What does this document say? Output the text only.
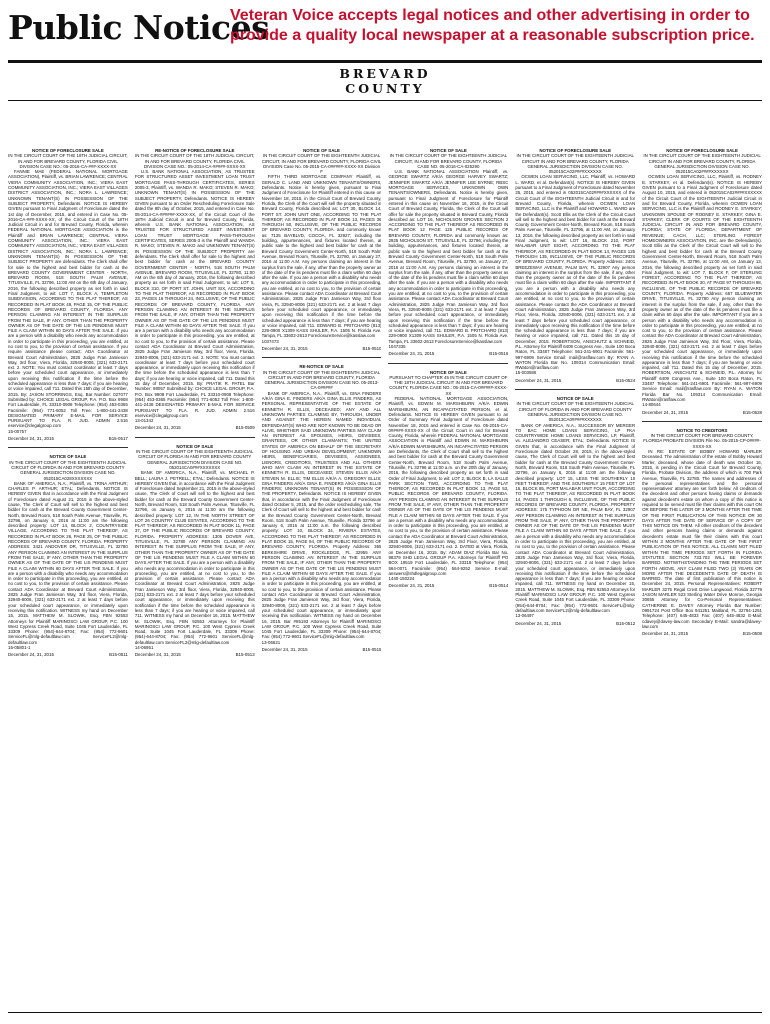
Public Notices
Veteran Voice accepts legal notices and other advertising in order to provide a quality local newspaper at a reasonable subscription price.
BREVARD
COUNTY
NOTICE OF FORECLOSURE SALE
IN THE CIRCUIT COURT OF THE 18TH JUDICIAL CIRCUIT, IN AND FOR BREVARD COUNTY, FLORIDA CIVIL DIVISION CASE NO.: 05-2016-CA-###-XXXX-XX
FANNIE MAE (FEDERAL NATIONAL MORTGAGE ASSOCIATION), Plaintiff, vs. BRIAN LAWRENCE; CENTRAL VIERA COMMUNITY ASSOCIATION, INC.; VIERA EAST COMMUNITY ASSOCIATION, INC.; VIERA EAST VILLAGES DISTRICT ASSOCIATION, INC.; NORA L. LAWRENCE; UNKNOWN TENANT(S) IN POSSESSION OF THE SUBJECT PROPERTY, Defendants. NOTICE IS HEREBY GIVEN pursuant to Final Judgment of Foreclosure dated the 1st day of December, 2015, and entered in Case No. 05-2016-CA-###-XXXX-XX, of the Circuit Court of the 18TH Judicial Circuit in and for Brevard County, Florida, wherein FEDERAL NATIONAL MORTGAGE ASSOCIATION is the Plaintiff and BRIAN LAWRENCE; CENTRAL VIERA COMMUNITY ASSOCIATION, INC.; VIERA EAST COMMUNITY ASSOCIATION, INC.; VIERA EAST VILLAGES DISTRICT ASSOCIATION, INC.; NORA L. LAWRENCE; UNKNOWN TENANT(S) IN POSSESSION OF THE SUBJECT PROPERTY are defendants. The Clerk shall offer for sale to the highest and best bidder for cash at the BREVARD COUNTY GOVERNMENT CENTER - NORTH, BREVARD ROOM, 518 SOUTH PALM AVENUE, TITUSVILLE, FL 32796, 11:00 AM on the 6th day of January, 2016, the following described property as set forth in said Final Judgment, to wit: LOT 7, BLOCK A, TEMPLETON SUBDIVISION, ACCORDING TO THE PLAT THEREOF, AS RECORDED IN PLAT BOOK 49, PAGE 15, OF THE PUBLIC RECORDS OF BREVARD COUNTY, FLORIDA. ANY PERSON CLAIMING AN INTEREST IN THE SURPLUS FROM THE SALE, IF ANY, OTHER THAN THE PROPERTY OWNER AS OF THE DATE OF THE LIS PENDENS MUST FILE A CLAIM WITHIN 60 DAYS AFTER THE SALE. If you are a person with a disability who needs any accommodation in order to participate in this proceeding, you are entitled, at no cost to you, to the provision of certain assistance. If you require assistance please contact: ADA Coordinator at Brevard Court Administration, 2825 Judge Fran Jamieson Way, 3rd floor, Viera, Florida, 32940-8006, (321) 633-2171 ext. 2. NOTE: You must contact coordinator at least 7 days before your scheduled court appearance, or immediately upon receiving this notification if the time before the scheduled appearance is less than 7 days; if you are hearing or voice impaired, call 711. Dated this 15th day of December, 2015. By: JASON STORRINGS, Esq. Bar Number: 027077 Submitted by: CHOICE LEGAL GROUP, P.A. P.O. Box 9908 Fort Lauderdale, FL 33310-0908 Telephone: (954) 453-0365 Facsimile: (954) 771-6052 Toll Free: 1-800-441-2438 DESIGNATED PRIMARY E-MAIL FOR SERVICE PURSUANT TO FLA. R. JUD. ADMIN 2.516 eservice@clegalgroup.com
15-00757
December 24, 31, 2015	B15-0517
NOTICE OF SALE
IN THE CIRCUIT COURT OF THE EIGHTEENTH JUDICIAL CIRCUIT OF FLORIDA IN AND FOR BREVARD COUNTY GENERAL JURISDICTION DIVISION CASE NO. 052015CA028XXXXXXX
BANK OF AMERICA, N.A., Plaintiff, vs. TRINA ARTHUR; CHARLES P. ARTHUR; ETAL; Defendants. NOTICE IS HEREBY GIVEN that in accordance with the Final Judgment of Foreclosure dated August 21, 2015 in the above-styled cause, The Clerk of Court will sell to the highest and best bidder for cash at the Brevard County Government Center-North, Brevard Room, 518 South Palm Avenue, Titusville, FL 32796, on January 6, 2016 at 11:00 am the following described property: LOT 14, BLOCK 2, COUNTRYSIDE VILLAGE, ACCORDING TO THE PLAT THEREOF, AS RECORDED IN PLAT BOOK 26, PAGE 25, OF THE PUBLIC RECORDS OF BREVARD COUNTY, FLORIDA. PROPERTY ADDRESS: 3421 ANDOVER DR, TITUSVILLE, FL 32780 ANY PERSON CLAIMING AN INTEREST IN THE SURPLUS FROM THE SALE, IF ANY, OTHER THAN THE PROPERTY OWNER AS OF THE DATE OF THE LIS PENDENS MUST FILE A CLAIM WITHIN 60 DAYS AFTER THE SALE. If you are a person with a disability who needs any accommodation in order to participate in this proceeding, you are entitled, at no cost to you, to the provision of certain assistance. Please contact ADA Coordinator at Brevard Court Administration, 2825 Judge Fran Jamieson Way, 3rd floor, Viera, Florida, 32940-8006, (321) 633-2171 ext. 2 at least 7 days before your scheduled court appearance, or immediately upon receiving this notification. WITNESS my hand on December 15, 2015. MATTHEW M. SLOWIK, Esq. FBN 92553 Attorneys for Plaintiff MARINOSCI LAW GROUP, P.C. 100 West Cypress Creek Road, Suite 1045 Fort Lauderdale, FL 33309 Phone: (954)-644-8704; Fax: (954) 772-9601 ServiceFL@mlg-defaultlaw.com ServiceFL2@mlg-defaultlaw.com
15-05801-1
December 24, 31, 2015	B15-0511
RE-NOTICE OF FORECLOSURE SALE
IN THE CIRCUIT COURT OF THE 18TH JUDICIAL CIRCUIT, IN AND FOR BREVARD COUNTY, FLORIDA CIVIL DIVISION CASE NO.: 05-2014-CA-#####-XXXX-XX
U.S. BANK NATIONAL ASSOCIATION, AS TRUSTEE FOR STRUCTURED ASSET INVESTMENT LOAN TRUST MORTGAGE PASS-THROUGH CERTIFICATES, SERIES 2005-3, Plaintiff, vs. WANDA R. MAKO; STEVEN R. MAKO; UNKNOWN TENANT(S) IN POSSESSION OF THE SUBJECT PROPERTY, Defendants. NOTICE IS HEREBY GIVEN pursuant to an Order Rescheduling Foreclosure Sale dated the 8th day of October, 2015, and entered in Case No. 05-2014-CA-######-XXXX-XX, of the Circuit Court of the 18TH Judicial Circuit in and for Brevard County, Florida, wherein U.S. BANK NATIONAL ASSOCIATION, AS TRUSTEE FOR STRUCTURED ASSET INVESTMENT LOAN TRUST MORTGAGE PASS-THROUGH CERTIFICATES, SERIES 2005-3 is the Plaintiff and WANDA R. MAKO; STEVEN R. MAKO and UNKNOWN TENANT(S) IN POSSESSION OF THE SUBJECT PROPERTY are defendants. The Clerk shall offer for sale to the highest and best bidder for cash at the BREVARD COUNTY GOVERNMENT CENTER - NORTH, 518 SOUTH PALM AVENUE, BREVARD ROOM, TITUSVILLE, FL 32780, 11:00 AM on the 6th day of January, 2016, the following described property as set forth in said Final Judgment, to wit: LOT 5, BLOCK 310, OF PORT ST. JOHN, UNIT SIX, ACCORDING TO THE PLAT THEREOF, AS RECORDED IN PLAT BOOK 23, PAGES 16 THROUGH 24, INCLUSIVE, OF THE PUBLIC RECORDS OF BREVARD COUNTY, FLORIDA. ANY PERSON CLAIMING AN INTEREST IN THE SURPLUS FROM THE SALE, IF ANY, OTHER THAN THE PROPERTY OWNER AS OF THE DATE OF THE LIS PENDENS MUST FILE A CLAIM WITHIN 60 DAYS AFTER THE SALE. If you are a person with a disability who needs any accommodation in order to participate in this proceeding, you are entitled, at no cost to you, to the provision of certain assistance. Please contact ADA Coordinator at Brevard Court Administration, 2825 Judge Fran Jamieson Way, 3rd floor, Viera, Florida, 32940-8006, (321) 633-2171 ext. 2. NOTE: You must contact coordinator at least 7 days before your scheduled court appearance, or immediately upon receiving this notification if the time before the scheduled appearance is less than 7 days; if you are hearing or voice impaired, call 711. Dated this 15 day of December, 2015. By: PRATIK R. PATEL Bar Number: 98057 Submitted by: CHOICE LEGAL GROUP, P.A. P.O. Box 9908 Fort Lauderdale, FL 33310-0908 Telephone: (954) 453-0365 Facsimile: (954) 771-6052 Toll Free: 1-800-441-2438 DESIGNATED PRIMARY E-MAIL FOR SERVICE PURSUANT TO FLA. R. JUD. ADMIN 2.516 eservice@clegalgroup.com
13-01342
December 24, 31, 2015	B15-0509
NOTICE OF SALE
IN THE CIRCUIT COURT OF THE EIGHTEENTH JUDICIAL CIRCUIT OF FLORIDA IN AND FOR BREVARD COUNTY GENERAL JURISDICTION DIVISION CASE NO. 052014CA0###XXXXXXX
BANK OF AMERICA, N.A., Plaintiff, vs. MICHAEL P. BELL; LAURA J. PETRELL; ETAL; Defendants. NOTICE IS HEREBY GIVEN that, in accordance with the Final Judgment of Foreclosure dated September 21, 2015 in the above-styled cause, The Clerk of Court will sell to the highest and best bidder for cash at the Brevard County Government Center-North, Brevard Room, 518 South Palm Avenue, Titusville, FL 32796, on January 6, 2016 at 11:00 am the following described property: LOT 12, IN THE NORTH STREET OF LOT 26 COUNTRY CLUB ESTATES, ACCORDING TO THE PLAT THEREOF, AS RECORDED IN PLAT BOOK 11, PAGE 37, OF THE PUBLIC RECORDS OF BREVARD COUNTY, FLORIDA. PROPERTY ADDRESS: 1305 DOVER AVE, TITUSVILLE, FL 32780 ANY PERSON CLAIMING AN INTEREST IN THE SURPLUS FROM THE SALE, IF ANY, OTHER THAN THE PROPERTY OWNER AS OF THE DATE OF THE LIS PENDENS MUST FILE A CLAIM WITHIN 60 DAYS AFTER THE SALE. If you are a person with a disability who needs any accommodation in order to participate in this proceeding, you are entitled, at no cost to you, to the provision of certain assistance. Please contact ADA Coordinator at Brevard Court Administration, 2825 Judge Fran Jamieson Way, 3rd floor, Viera, Florida, 32940-8006, (321) 633-2171 ext. 2 at least 7 days before your scheduled court appearance, or immediately upon receiving this notification if the time before the scheduled appearance is less than 7 days; if you are hearing or voice impaired, call 711. WITNESS my hand on December 16, 2015. MATTHEW M. SLOWIK, Esq. FBN 92553 Attorneys for Plaintiff MARINOSCI LAW GROUP, P.C. 100 West Cypress Creek Road, Suite 1045 Fort Lauderdale, FL 33309 Phone: (954)-644-8704; Fax: (954) 772-9601 ServiceFL@mlg-defaultlaw.com ServiceFL2@mlg-defaultlaw.com
14-06951
December 24, 31, 2015	B15-0513
NOTICE OF SALE
IN THE CIRCUIT COURT OF THE EIGHTEENTH JUDICIAL CIRCUIT, IN AND FOR BREVARD COUNTY, FLORIDA CIVIL DIVISION Case No. 05-2015-CA-0#####-XXXX-XX Division F
FIFTH THIRD MORTGAGE COMPANY Plaintiff, vs. GERALD C. LAND AND UNKNOWN TENANTS/OWNERS, Defendants. Notice is hereby given, pursuant to Final Judgment of Foreclosure for Plaintiff entered in this cause on November 18, 2015, in the Circuit Court of Brevard County, Florida, the Clerk of the Court will sell the property situated in Brevard County, Florida described as: LOT 30, BLOCK 14, PORT ST. JOHN UNIT ONE, ACCORDING TO THE PLAT THEREOF, AS RECORDED IN PLAT BOOK 13, PAGES 36 THROUGH 50, INCLUSIVE, OF THE PUBLIC RECORDS OF BREVARD COUNTY, FLORIDA. and commonly known as: 7125 BAYBLVD, COCOA, FL 32927; including the building, appurtenances, and fixtures located therein, at public sale to the highest and best bidder for cash at the Brevard County Government Center-North, 518 South Palm Avenue, Brevard Room, Titusville, FL 32780, on January 27, 2016 at 11:00 A.M. Any persons claiming an interest in the surplus from the sale, if any, other than the property owner as of the date of the lis pendens must file a claim within 60 days after the sale. If you are a person with a disability who needs any accommodation in order to participate in this proceeding, you are entitled, at no cost to you, to the provision of certain assistance. Please contact ADA Coordinator at Brevard Court Administration, 2825 Judge Fran Jamieson Way, 3rd floor Viera, FL 32940-8006 (321) 633-2171 ext. 2 at least 7 days before your scheduled court appearance, or immediately upon receiving this notification if the time before the scheduled appearance is less than 7 days; if you are hearing or voice impaired, call 711. EDWARD B. PRITCHARD (813) 229-0900 X1309 KASS SHULER, P.A. 1505 N. Florida Ave. Tampa, FL 33602-2613 ForeclosureService@kasslaw.com
1037473
December 24, 31, 2015	B15-0510
RE-NOTICE OF SALE
IN THE CIRCUIT COURT OF THE EIGHTEENTH JUDICIAL CIRCUIT IN AND FOR BREVARD COUNTY, FLORIDA GENERAL JURISDICTION DIVISION CASE NO. 05-2013-CA-0#####
BANK OF AMERICA, N.A., Plaintiff, vs. GINA FINDERS A/K/A GINA E. FINDERS A/K/A GINA ELLIS FINDERS, AS PERSONAL REPRESENTATIVE OF THE ESTATE OF KENNETH R. ELLIS, DECEASED; ANY AND ALL UNKNOWN PARTIES CLAIMING BY, THROUGH, UNDER AND AGAINST THE HEREIN NAMED INDIVIDUAL DEFENDANT(S) WHO ARE NOT KNOWN TO BE DEAD OR ALIVE, WHETHER SAID UNKNOWN PARTIES MAY CLAIM AN INTEREST AS SPOUSES, HEIRS, DEVISEES, GRANTEES, OR OTHER CLAIMANTS; THE UNITED STATES OF AMERICA ON BEHALF OF THE SECRETARY OF HOUSING AND URBAN DEVELOPMENT; UNKNOWN HEIRS, BENEFICIARIES, DEVISEES, ASSIGNEES, LIENORS, CREDITORS, TRUSTEES AND ALL OTHERS WHO MAY CLAIM AN INTEREST IN THE ESTATE OF KENNETH R. ELLIS, DECEASED; STEVEN ELLIS A/K/A STEVEN M. ELLIS; TIM ELLIS A/K/A A. GREGORY ELLIS; GINA FINDERS A/K/A GINA E. FINDERS A/K/A GINA ELLIS FINDERS; UNKNOWN TENANT(S) IN POSSESSION OF THE PROPERTY, Defendants. NOTICE IS HEREBY GIVEN that, in accordance with the Final Judgment of Foreclosure dated October 5, 2015, and the order rescheduling sale, The Clerk of Court will sell to the highest and best bidder for cash at the Brevard County Government Center-North, Brevard Room, 518 South Palm Avenue, Titusville, Florida 32796 on January 6, 2016 at 11:00 a.m. the following described property: LOT 10, BLOCK 34, RIVIERA ESTATES, ACCORDING TO THE PLAT THEREOF, AS RECORDED IN PLAT BOOK 15, PAGE 94, OF THE PUBLIC RECORDS OF BREVARD COUNTY, FLORIDA. Property Address: 365 BERKSHIRE DRIVE, ROCKLEDGE, FL 32955 ANY PERSON CLAIMING AN INTEREST IN THE SURPLUS FROM THE SALE, IF ANY, OTHER THAN THE PROPERTY OWNER AS OF THE DATE OF THE LIS PENDENS MUST FILE A CLAIM WITHIN 60 DAYS AFTER THE SALE. If you are a person with a disability who needs any accommodation in order to participate in this proceeding, you are entitled, at no cost to you, to the provision of certain assistance. Please contact ADA Coordinator at Brevard Court Administration, 2825 Judge Fran Jamieson Way, 3rd floor, Viera, Florida, 32940-8006, (321) 633-2171 ext. 2 at least 7 days before your scheduled court appearance, or immediately upon receiving this notification. WITNESS my hand on December 16, 2015. Bar #85193 Attorneys for Plaintiff MARINOSCI LAW GROUP, P.C. 100 West Cypress Creek Road, Suite 1045 Fort Lauderdale, FL 33309 Phone: (954)-644-8704; Fax: (954) 772-9601 ServiceFL@mlg-defaultlaw.com
13-06621
December 24, 31, 2015	B15-0515
NOTICE OF SALE
IN THE CIRCUIT COURT OF THE EIGHTEENTH JUDICIAL CIRCUIT, IN AND FOR BREVARD COUNTY, FLORIDA CASE NO. 05-2016-CA-025290
U.S. BANK NATIONAL ASSOCIATION Plaintiff, vs. GEORGE SWARTZ A/K/A GEORGE HARVEY SWARTZ; JENNIFER SWARTZ A/K/A JENNIFER LEE BYRNE; RBSC MORTGAGE SERVICES, UNKNOWN OWN TENANTS/OWNERS, Defendants. Notice is hereby given, pursuant to Final Judgment of Foreclosure for Plaintiff entered in this cause on November 16, 2015, in the Circuit Court of Brevard County, Florida, the Clerk of the Court will offer for sale the property situated in Brevard County, Florida described as: LOT 16, NICHOLSON GROVES SECTION 2 ACCORDING TO THE PLAT THEREOF AS RECORDED IN PLAT BOOK 12 PAGE 125 PUBLIC RECORDS OF BREVARD COUNTY, FLORIDA and commonly known as: 2925 NICHOLSON ST, TITUSVILLE, FL 32796; including the building, appurtenances, and fixtures located therein, at public sale to the highest and best bidder for cash at the Brevard County Government Center-North, 518 South Palm Avenue, Brevard Room, Titusville, FL 32780, on January 27, 2016 at 11:00 A.M. Any persons claiming an interest in the surplus from the sale, if any, other than the property owner as of the date of the lis pendens must file a claim within 60 days after the sale. If you are a person with a disability who needs any accommodation in order to participate in this proceeding, you are entitled, at no cost to you, to the provision of certain assistance. Please contact ADA Coordinator at Brevard Court Administration, 2825 Judge Fran Jamieson Way, 3rd floor Viera, FL 32940-8006 (321) 633-2171 ext. 2 at least 7 days before your scheduled court appearance, or immediately upon receiving this notification if the time before the scheduled appearance is less than 7 days; if you are hearing or voice impaired, call 711. EDWARD B. PRITCHARD (813) 229-0900 X1309 KASS SHULER, P.A. 1505 N. Florida Ave. Tampa, FL 33602-2613 ForeclosureService@kasslaw.com
1047335
December 24, 31, 2015	B15-0516
NOTICE OF SALE
PURSUANT TO CHAPTER 45 IN THE CIRCUIT COURT OF THE 18TH JUDICIAL CIRCUIT IN AND FOR BREVARD COUNTY, FLORIDA CASE NO.: 05-2015-CA-0#####-XXXX-XX
FEDERAL NATIONAL MORTGAGE ASSOCIATION, Plaintiff, vs. EDWIN M. MARSHBURN A/K/A EDWIN MARSHBURN, AN INCAPACITATED PERSON, et al, Defendants. NOTICE IS HEREBY GIVEN pursuant to an Order of Summary Final Judgment of Foreclosure dated November 18, 2015 and entered in Case No. 05-2015-CA-0#####-XXXX-XX of the Circuit Court in and for Brevard County, Florida, wherein FEDERAL NATIONAL MORTGAGE ASSOCIATION is Plaintiff and EDWIN M. MARSHBURN A/K/A EDWIN MARSHBURN, AN INCAPACITATED PERSON are Defendants, the Clerk of Court shall sell to the highest and best bidder for cash at the Brevard County Government Center-North, Brevard Room, 518 South Palm Avenue, Titusville, FL 32796 at 11:00 a.m. on the 20th day of January, 2016, the following described property as set forth in said Order of Final Judgment, to wit: LOT 2, BLOCK B, LA SALLE PARK SECTION TWO, ACCORDING TO THE PLAT THEREOF, AS RECORDED IN PLAT BOOK 13, PAGE 53, PUBLIC RECORDS OF BREVARD COUNTY, FLORIDA. ANY PERSON CLAIMING AN INTEREST IN THE SURPLUS FROM THE SALE, IF ANY, OTHER THAN THE PROPERTY OWNER AS OF THE DATE OF THE LIS PENDENS MUST FILE A CLAIM WITHIN 60 DAYS AFTER THE SALE. If you are a person with a disability who needs any accommodation in order to participate in this proceeding, you are entitled, at no cost to you, to the provision of certain assistance. Please contact the ADA Coordinator at Brevard Court Administration, 2825 Judge Fran Jamieson Way, 3rd Floor, Viera, Florida, 32940-8006, (321) 633-2171 ext. 2. DATED at Viera, Florida, on December 16, 2015. By: ADAM DIAZ Florida Bar No. 98379 SHD LEGAL GROUP P.A. Attorneys for Plaintiff PO BOX 19519 Fort Lauderdale, FL 33318 Telephone: (954) 564-0071 Facsimile: (954) 564-9252 Service E-mail: answers@shdlegalgroup.com
1440-150224
December 24, 31, 2015	B15-0514
NOTICE OF FORECLOSURE SALE
IN THE CIRCUIT COURT OF THE EIGHTEENTH JUDICIAL CIRCUIT IN AND FOR BREVARD COUNTY, FLORIDA GENERAL JURISDICTION DIVISION CASE NO. 052015CA02####XXXXXX
OCWEN LOAN SERVICING, LLC, Plaintiff, vs. HOWARD L. WARD, et al. Defendant(s). NOTICE IS HEREBY GIVEN pursuant to a Final Judgment of Foreclosure dated November 25, 2015, and entered in 052015CA02####XXXXXX of the Circuit Court of the EIGHTEENTH Judicial Circuit in and for Brevard County, Florida, wherein OCWEN LOAN SERVICING, LLC is the Plaintiff and HOWARD L. WARD are the Defendant(s). Scott Ellis as the Clerk of the Circuit Court will sell to the highest and best bidder for cash at the Brevard County Government Center-North, Brevard Room, 518 South Palm Avenue, Titusville, FL 32796, at 11:00 AM, on January 13, 2016, the following described property as set forth in said Final Judgment, to wit: LOT 16, BLOCK 210, PORT MALABAR UNIT EIGHT, ACCORDING TO THE PLAT THEREOF, AS RECORDED IN PLAT BOOK 14, PAGES 125 THROUGH 135, INCLUSIVE, OF THE PUBLIC RECORDS OF BREVARD COUNTY, FLORIDA. Property Address: 2401 BREEZEWAY AVENUE, PALM BAY, FL 32907 Any person claiming an interest in the surplus from the sale, if any, other than the property owner as of the date of the lis pendens must file a claim within 60 days after the sale. IMPORTANT If you are a person with a disability who needs any accommodation in order to participate in this proceeding, you are entitled, at no cost to you, to the provision of certain assistance. Please contact the ADA Coordinator at Brevard Court Administration, 2825 Judge Fran Jamieson Way, 3rd Floor, Viera, Florida, 32940-8006, (321) 633-2171 ext. 2 at least 7 days before your scheduled court appearance, or immediately upon receiving this notification if the time before the scheduled appearance is less than 7 days; if you are hearing or voice impaired, call 711. Dated this 15 day of December, 2015. ROBERTSON, ANSCHUTZ & SCHNEID, P.L. Attorney for Plaintiff 6409 Congress Ave., Suite 100 Boca Raton, FL 33487 Telephone: 561-241-6901 Facsimile: 561-997-6909 Service Email: mail@rasflaw.com By: RYAN A. WATON Florida Bar No. 109314 Communication Email: RWaton@rasflaw.com
15-003586
December 24, 31, 2015	B15-0524
NOTICE OF SALE
IN THE CIRCUIT COURT OF THE EIGHTEENTH JUDICIAL CIRCUIT OF FLORIDA IN AND FOR BREVARD COUNTY GENERAL JURISDICTION DIVISION CASE NO. 052013CA0#####XXXXXX
BANK OF AMERICA, N.A., SUCCESSOR BY MERGER TO BAC HOME LOANS SERVICING, LP FKA COUNTRYWIDE HOME LOANS SERVICING, LP, Plaintiff, vs. ALEJANDRO CEASER; ETAL; Defendants. NOTICE IS GIVEN that, in accordance with the Final Judgment of Foreclosure dated October 28, 2015, in the above-styled cause, The Clerk of Court will sell to the highest and best bidder for cash at the Brevard County Government Center-North, Brevard Room, 518 South Palm Avenue, Titusville, FL 32796, on January 6, 2016 at 11:00 am the following described property: LOT 15, LESS THE SOUTHERLY 10 FEET THEREOF, AND THE SOUTHERLY 15 FEET OF LOT 16, BLOCK 85, PORT MALABAR UNIT FOUR, ACCORDING TO THE PLAT THEREOF, AS RECORDED IN PLAT BOOK 14, PAGES 1 THROUGH 6, INCLUSIVE, OF THE PUBLIC RECORDS OF BREVARD COUNTY, FLORIDA. PROPERTY ADDRESS: 175 TYPHOON DR NE, PALM BAY, FL 32907 ANY PERSON CLAIMING AN INTEREST IN THE SURPLUS FROM THE SALE, IF ANY, OTHER THAN THE PROPERTY OWNER AS OF THE DATE OF THE LIS PENDENS MUST FILE A CLAIM WITHIN 60 DAYS AFTER THE SALE. If you are a person with a disability who needs any accommodation in order to participate in this proceeding, you are entitled, at no cost to you, to the provision of certain assistance. Please contact ADA Coordinator at Brevard Court Administration, 2825 Judge Fran Jamieson Way, 3rd floor, Viera, Florida, 32940-8006, (321) 633-2171 ext. 2 at least 7 days before your scheduled court appearance, or immediately upon receiving this notification if the time before the scheduled appearance is less than 7 days; if you are hearing or voice impaired, call 711. WITNESS my hand on December 15, 2015. MATTHEW M. SLOWIK, Esq. FBN 92553 Attorneys for Plaintiff MARINOSCI LAW GROUP, P.C. 100 West Cypress Creek Road, Suite 1045 Fort Lauderdale, FL 33309 Phone: (954)-644-8704; Fax: (954) 772-9601 ServiceFL@mlg-defaultlaw.com ServiceFL2@mlg-defaultlaw.com
13-06497
December 24, 31, 2015	B15-0512
NOTICE OF FORECLOSURE SALE
IN THE CIRCUIT COURT OF THE EIGHTEENTH JUDICIAL CIRCUIT IN AND FOR BREVARD COUNTY, FLORIDA GENERAL JURISDICTION DIVISION CASE NO. 052015CA02####XXXXXX
OCWEN LOAN SERVICING, LLC, Plaintiff, vs. RODNEY E. STARKEY, et al. Defendant(s). NOTICE IS HEREBY GIVEN pursuant to a Final Judgment of Foreclosure dated August 10, 2015, and entered in 052015CA02####XXXXXX of the Circuit Court of the EIGHTEENTH Judicial Circuit in and for Brevard County, Florida, wherein OCWEN LOAN SERVICING, LLC is the Plaintiff and RODNEY E. STARKEY; UNKNOWN SPOUSE OF RODNEY E. STARKEY; GINA E. STARKEY; CLERK OF COURTS OF THE EIGHTEENTH JUDICIAL CIRCUIT IN AND FOR BREVARD COUNTY, FLORIDA; STATE OF FLORIDA, DEPARTMENT OF REVENUE; CACH, LLC; STERLING FOREST HOMEOWNERS ASSOCIATION, INC. are the Defendant(s). Scott Ellis as the Clerk of the Circuit Court will sell to the highest and best bidder for cash at the Brevard County Government Center-North, Brevard Room, 518 South Palm Avenue, Titusville, FL 32796, at 11:00 AM, on January 13, 2016, the following described property as set forth in said Final Judgment, to wit: LOT 7, BLOCK F, OF STERLING FOREST, ACCORDING TO THE PLAT THEREOF, AS RECORDED IN PLAT BOOK 30, AT PAGE 97 THROUGH 98, INCLUSIVE, OF THE PUBLIC RECORDS OF BREVARD COUNTY, FLORIDA. Property Address: 657 BLUEWATER DRIVE, TITUSVILLE, FL 32780 Any person claiming an interest in the surplus from the sale, if any, other than the property owner as of the date of the lis pendens must file a claim within 60 days after the sale. IMPORTANT If you are a person with a disability who needs any accommodation in order to participate in this proceeding, you are entitled, at no cost to you, to the provision of certain assistance. Please contact the ADA Coordinator at Brevard Court Administration, 2825 Judge Fran Jamieson Way, 3rd Floor, Viera, Florida, 32940-8006, (321) 633-2171 ext. 2 at least 7 days before your scheduled court appearance, or immediately upon receiving this notification if the time before the scheduled appearance is less than 7 days; if you are hearing or voice impaired, call 711. Dated this 15 day of December, 2015. ROBERTSON, ANSCHUTZ & SCHNEID, P.L. Attorney for Plaintiff 6409 Congress Ave., Suite 100 Boca Raton, FL 33487 Telephone: 561-241-6901 Facsimile: 561-997-6909 Service Email: mail@rasflaw.com By: RYAN A. WATON Florida Bar No. 109314 Communication Email: RWaton@rasflaw.com
14-80644
December 24, 31, 2015	B15-0528
NOTICE TO CREDITORS
IN THE CIRCUIT COURT FOR BREVARD COUNTY, FLORIDA PROBATE DIVISION File No. 05-2015-CP-0####-XXXX-XX
IN RE: ESTATE OF BOBBY HOWARD MARLER Deceased. The administration of the estate of Bobby Howard Marler, deceased, whose date of death was October 16, 2015, is pending in the Circuit Court for Brevard County, Florida, Probate Division, the address of which is 700 Park Avenue, Titusville, FL 32780. The names and addresses of the personal representatives and the personal representatives' attorney are set forth below. All creditors of the decedent and other persons having claims or demands against decedent's estate on whom a copy of this notice is required to be served must file their claims with this court ON OR BEFORE THE LATER OF 3 MONTHS AFTER THE TIME OF THE FIRST PUBLICATION OF THIS NOTICE OR 30 DAYS AFTER THE DATE OF SERVICE OF A COPY OF THIS NOTICE ON THEM. All other creditors of the decedent and other persons having claims or demands against decedent's estate must file their claims with this court WITHIN 3 MONTHS AFTER THE DATE OF THE FIRST PUBLICATION OF THIS NOTICE. ALL CLAIMS NOT FILED WITHIN THE TIME PERIODS SET FORTH IN FLORIDA STATUTES SECTION 733.702 WILL BE FOREVER BARRED. NOTWITHSTANDING THE TIME PERIODS SET FORTH ABOVE, ANY CLAIM FILED TWO (2) YEARS OR MORE AFTER THE DECEDENT'S DATE OF DEATH IS BARRED. The date of first publication of this notice is December 24, 2015. Personal Representatives: ROBERT MARLER 3275 Regal Crest Drive Longwood, Florida 32779 JASON MARLER 523 Sterling Water Drive Monroe, Georgia 30655 Attorney for Co-Personal Representatives: CATHERINE E. DAVEY Attorney Florida Bar Number: 0991724 Post Office Box 941251 Maitland, FL 32794-1251 Telephone: (407) 645-4833 Fax: (407) 645-4832 E-Mail: cdavey@davey-law.com Secondary E-Mail: sandra@davey-law.com
December 24, 31, 2015	B15-0508
